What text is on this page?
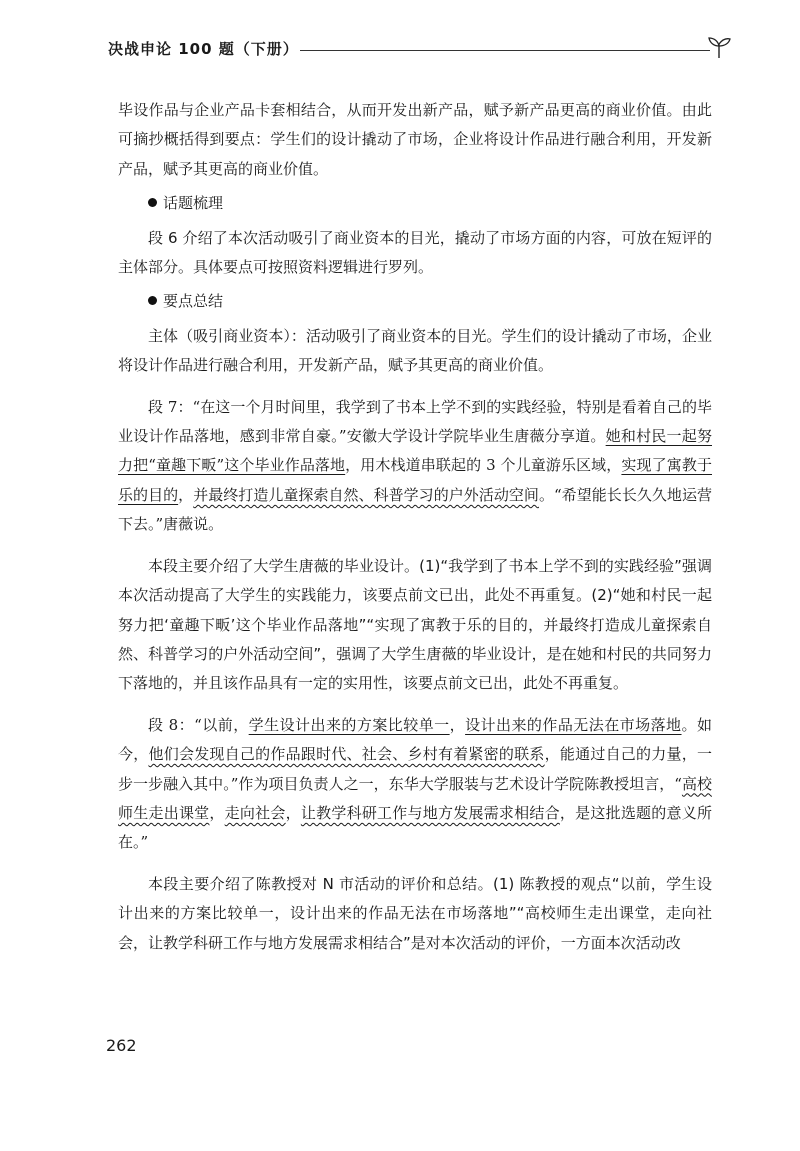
决战申论 100 题（下册）

毕设作品与企业产品卡套相结合，从而开发出新产品，赋予新产品更高的商业价值。由此可摘抄概括得到要点：学生们的设计撬动了市场，企业将设计作品进行融合利用，开发新产品，赋予其更高的商业价值。

话题梳理

段 6 介绍了本次活动吸引了商业资本的目光，撬动了市场方面的内容，可放在短评的主体部分。具体要点可按照资料逻辑进行罗列。

要点总结

主体（吸引商业资本）：活动吸引了商业资本的目光。学生们的设计撬动了市场，企业将设计作品进行融合利用，开发新产品，赋予其更高的商业价值。

段 7：“在这一个月时间里，我学到了书本上学不到的实践经验，特别是看着自己的毕业设计作品落地，感到非常自豪。”安徽大学设计学院毕业生唐薇分享道。她和村民一起努力把“童趣下畈”这个毕业作品落地，用木栈道串联起的 3 个儿童游乐区域，实现了寓教于乐的目的，并最终打造儿童探索自然、科普学习的户外活动空间。“希望能长长久久地运营下去。”唐薇说。

本段主要介绍了大学生唐薇的毕业设计。(1)“我学到了书本上学不到的实践经验”强调本次活动提高了大学生的实践能力，该要点前文已出，此处不再重复。(2)“她和村民一起努力把‘童趣下畈’这个毕业作品落地”“实现了寓教于乐的目的，并最终打造成儿童探索自然、科普学习的户外活动空间”，强调了大学生唐薇的毕业设计，是在她和村民的共同努力下落地的，并且该作品具有一定的实用性，该要点前文已出，此处不再重复。

段 8：“以前，学生设计出来的方案比较单一，设计出来的作品无法在市场落地。如今，他们会发现自己的作品跟时代、社会、乡村有着紧密的联系，能通过自己的力量，一步一步融入其中。”作为项目负责人之一，东华大学服装与艺术设计学院陈教授坦言，“高校师生走出课堂，走向社会，让教学科研工作与地方发展需求相结合，是这批选题的意义所在。”

本段主要介绍了陈教授对 N 市活动的评价和总结。(1) 陈教授的观点“以前，学生设计出来的方案比较单一，设计出来的作品无法在市场落地”“高校师生走出课堂，走向社会，让教学科研工作与地方发展需求相结合”是对本次活动的评价，一方面本次活动改

262
